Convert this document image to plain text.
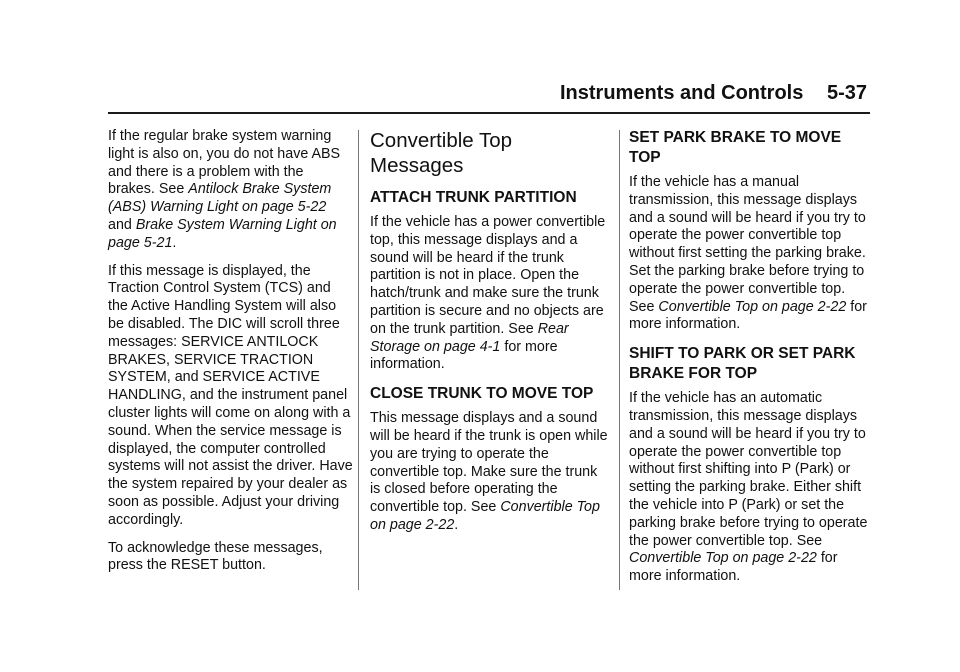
Instruments and Controls 5-37

If the regular brake system warning light is also on, you do not have ABS and there is a problem with the brakes. See Antilock Brake System (ABS) Warning Light on page 5-22 and Brake System Warning Light on page 5-21.

If this message is displayed, the Traction Control System (TCS) and the Active Handling System will also be disabled. The DIC will scroll three messages: SERVICE ANTILOCK BRAKES, SERVICE TRACTION SYSTEM, and SERVICE ACTIVE HANDLING, and the instrument panel cluster lights will come on along with a sound. When the service message is displayed, the computer controlled systems will not assist the driver. Have the system repaired by your dealer as soon as possible. Adjust your driving accordingly.

To acknowledge these messages, press the RESET button.

Convertible Top Messages
ATTACH TRUNK PARTITION

If the vehicle has a power convertible top, this message displays and a sound will be heard if the trunk partition is not in place. Open the hatch/trunk and make sure the trunk partition is secure and no objects are on the trunk partition. See Rear Storage on page 4-1 for more information.

CLOSE TRUNK TO MOVE TOP

This message displays and a sound will be heard if the trunk is open while you are trying to operate the convertible top. Make sure the trunk is closed before operating the convertible top. See Convertible Top on page 2-22.

SET PARK BRAKE TO MOVE TOP

If the vehicle has a manual transmission, this message displays and a sound will be heard if you try to operate the power convertible top without first setting the parking brake. Set the parking brake before trying to operate the power convertible top. See Convertible Top on page 2-22 for more information.

SHIFT TO PARK OR SET PARK BRAKE FOR TOP

If the vehicle has an automatic transmission, this message displays and a sound will be heard if you try to operate the power convertible top without first shifting into P (Park) or setting the parking brake. Either shift the vehicle into P (Park) or set the parking brake before trying to operate the power convertible top. See Convertible Top on page 2-22 for more information.
